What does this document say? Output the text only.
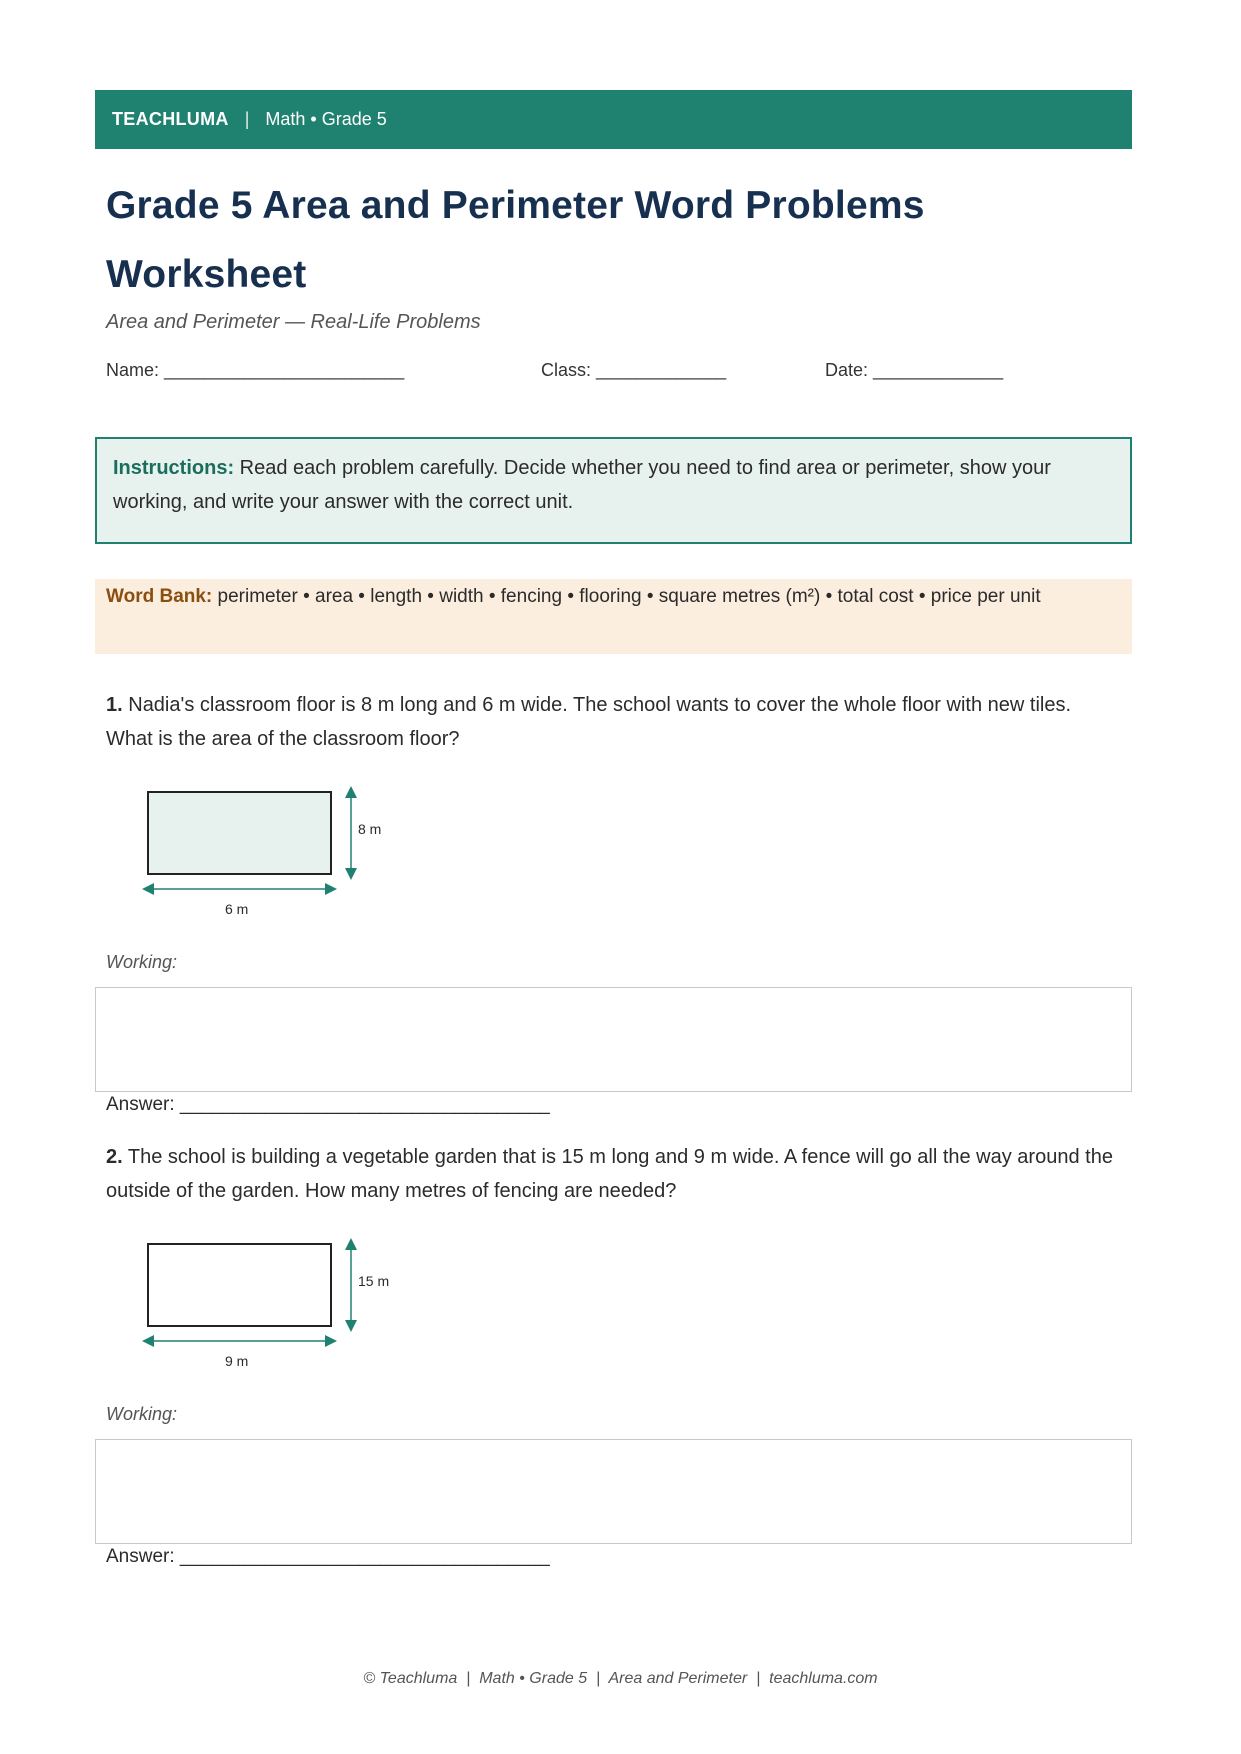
TEACHLUMA | Math • Grade 5
Grade 5 Area and Perimeter Word Problems Worksheet
Area and Perimeter — Real-Life Problems
Name: ________________________	Class: _____________	Date: _____________
Instructions: Read each problem carefully. Decide whether you need to find area or perimeter, show your working, and write your answer with the correct unit.
Word Bank: perimeter • area • length • width • fencing • flooring • square metres (m²) • total cost • price per unit
1. Nadia's classroom floor is 8 m long and 6 m wide. The school wants to cover the whole floor with new tiles. What is the area of the classroom floor?
8 m
6 m
Working:
Answer: ___________________________________
2. The school is building a vegetable garden that is 15 m long and 9 m wide. A fence will go all the way around the outside of the garden. How many metres of fencing are needed?
15 m
9 m
Working:
Answer: ___________________________________
© Teachluma  |  Math • Grade 5  |  Area and Perimeter  |  teachluma.com
